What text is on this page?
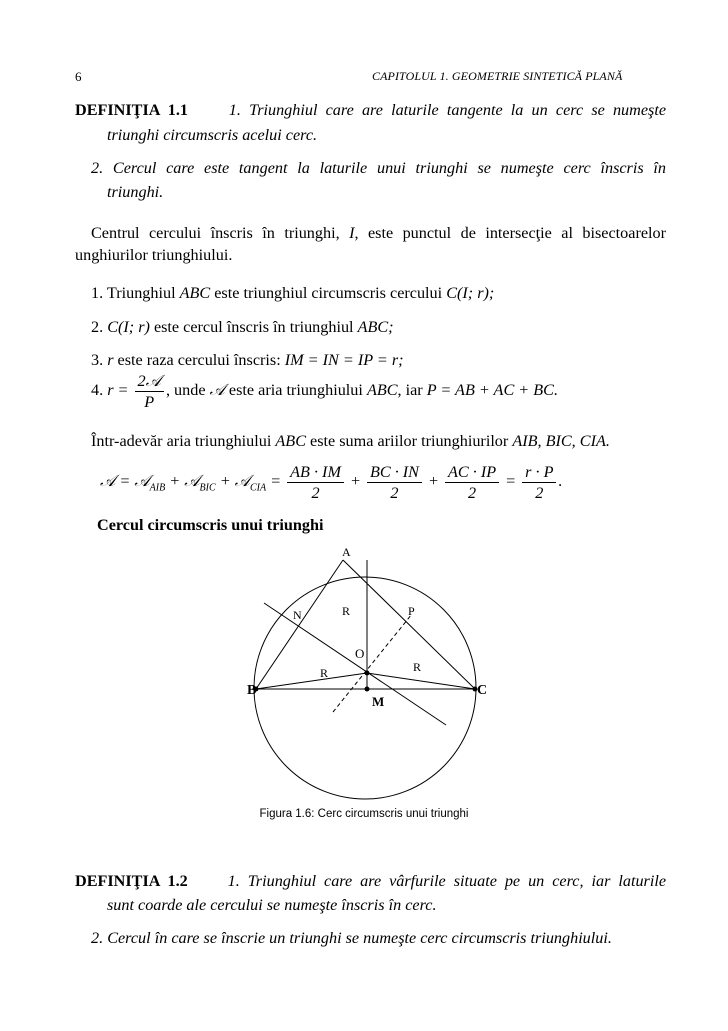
6	CAPITOLUL 1. GEOMETRIE SINTETICĂ PLANĂ
DEFINIŢIA 1.1	1. Triunghiul care are laturile tangente la un cerc se numeşte
triunghi circumscris acelui cerc.
2. Cercul care este tangent la laturile unui triunghi se numeşte cerc înscris în
triunghi.
Centrul cercului înscris în triunghi, I, este punctul de intersecţie al bisectoarelor
unghiurilor triunghiului.
1. Triunghiul ABC este triunghiul circumscris cercului C(I; r);
2. C(I; r) este cercul înscris în triunghiul ABC;
3. r este raza cercului înscris: IM = IN = IP = r;
4. $r = \frac{\text{2𝒜}}{P}$ , unde 𝒜 este aria triunghiului ABC, iar P = AB + AC + BC.
Într-adevăr aria triunghiului ABC este suma ariilor triunghiurilor AIB, BIC, CIA.
𝒜 = 𝒜$_{AIB}$ + 𝒜$_{BIC}$ + 𝒜$_{CIA}$ = $\frac{AB \cdot IM}{2} + \frac{BC \cdot IN}{2} + \frac{AC \cdot IP}{2} = \frac{r \cdot P}{2}$ .
Cercul circumscris unui triunghi
A
B	C
O
M
N	P
R
R	R
Figura 1.6: Cerc circumscris unui triunghi
DEFINIŢIA 1.2 1. Triunghiul care are vârfurile situate pe un cerc, iar laturile
sunt coarde ale cercului se numeşte înscris în cerc.
2. Cercul în care se înscrie un triunghi se numeşte cerc circumscris triunghiului.
